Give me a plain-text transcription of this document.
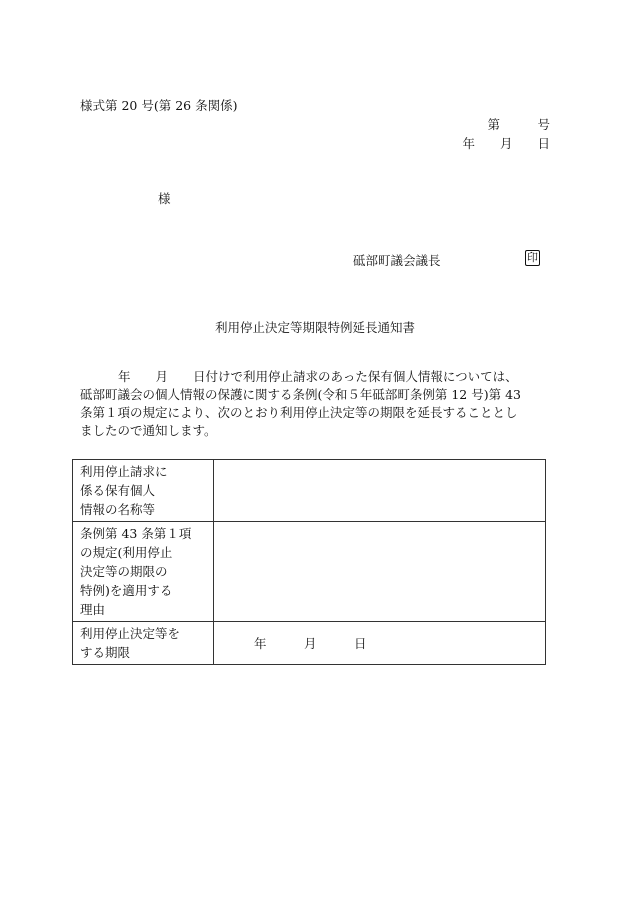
様式第 20 号(第 26 条関係)
第　　　号
年　　月　　日
様
砥部町議会議長	印
利用停止決定等期限特例延長通知書

年　　月　　日付けで利用停止請求のあった保有個人情報については、

砥部町議会の個人情報の保護に関する条例(令和５年砥部町条例第 12 号)第 43

条第１項の規定により、次のとおり利用停止決定等の期限を延長することとし

ましたので通知します。

利用停止請求に
係る保有個人
情報の名称等	

条例第 43 条第１項
の規定(利用停止
決定等の期限の
特例)を適用する
理由	

利用停止決定等を
する期限	年　　　月　　　日
